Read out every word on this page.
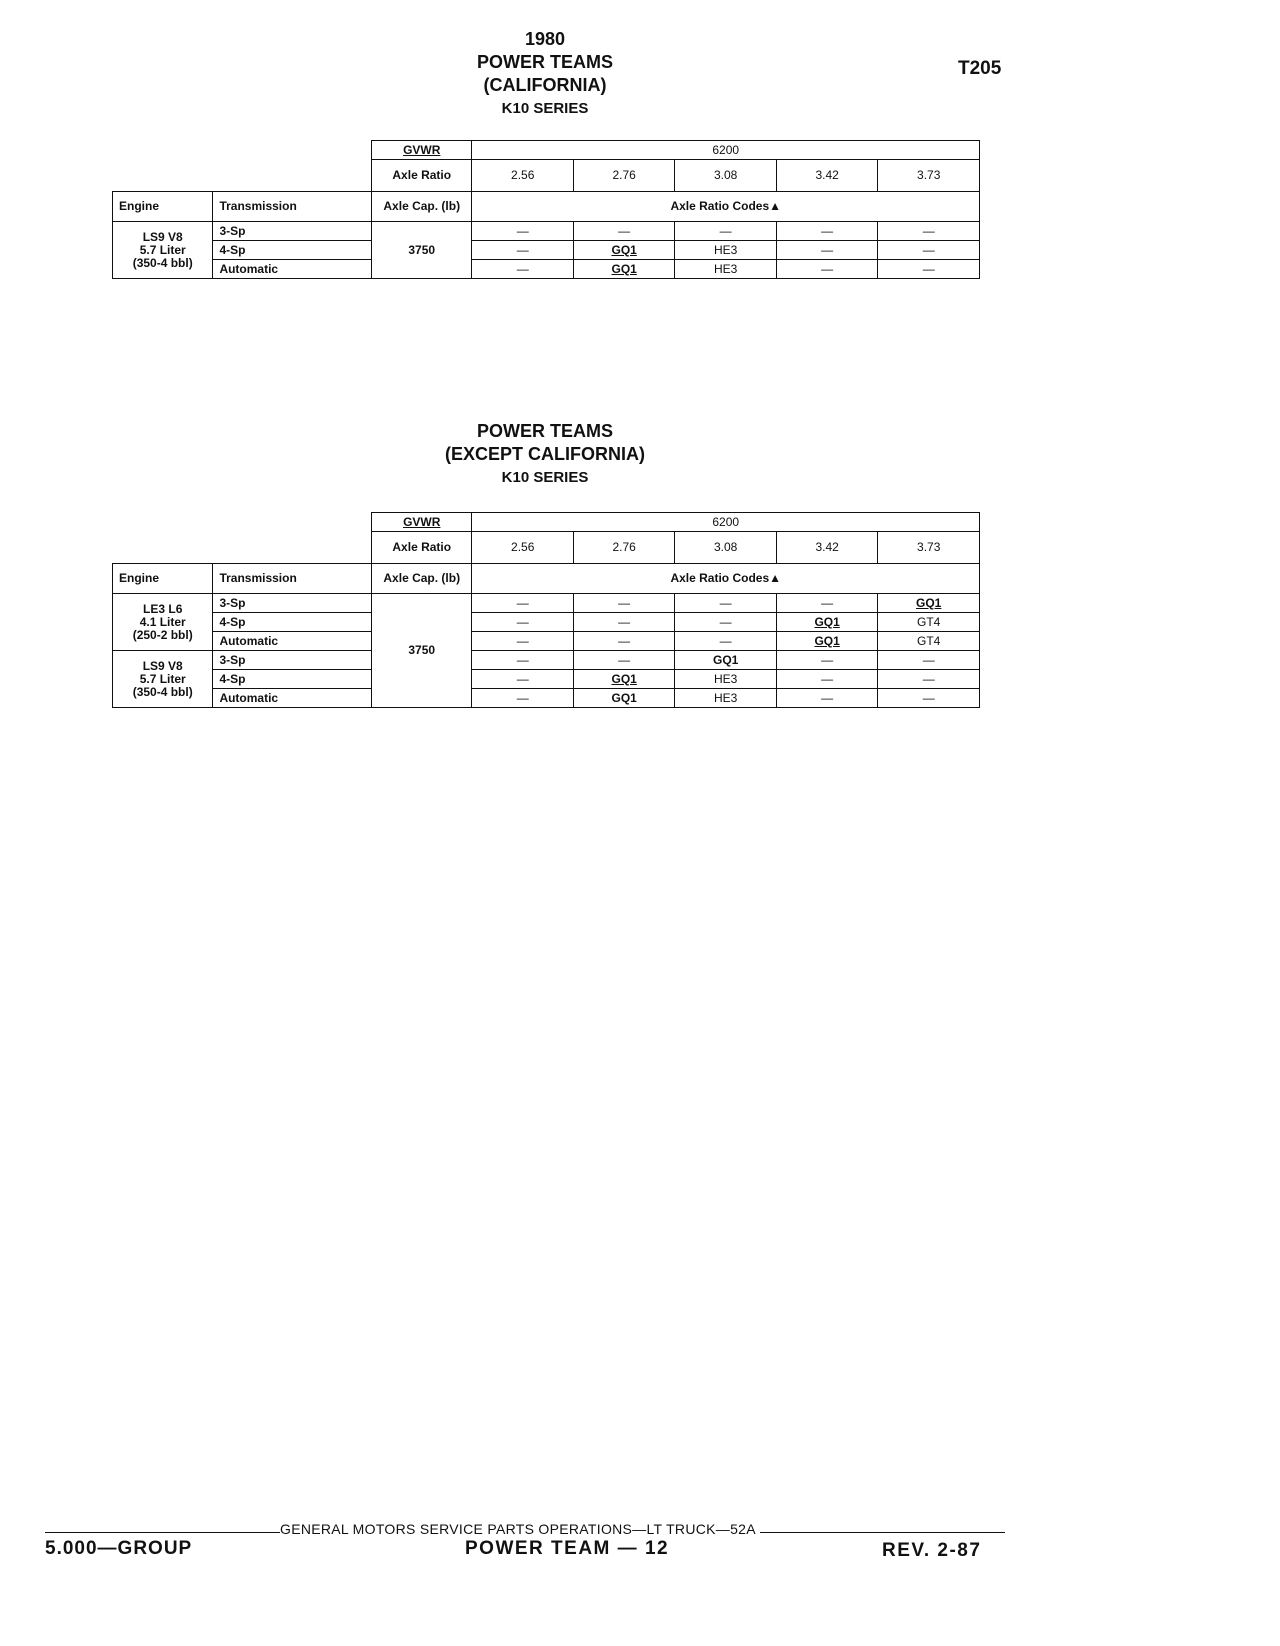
1980
POWER TEAMS
(CALIFORNIA)
K10 SERIES
T205
		GVWR	6200				
		Axle Ratio	2.56	2.76	3.08	3.42	3.73
Engine	Transmission	Axle Cap. (lb)	Axle Ratio Codes▲				

LS9 V8
5.7 Liter
(350-4 bbl)	3-Sp	3750	—	—	—	—	—
	4-Sp		—	GQ1	HE3	—	—
	Automatic		—	GQ1	HE3	—	—
POWER TEAMS
(EXCEPT CALIFORNIA)
K10 SERIES
		GVWR	6200				
		Axle Ratio	2.56	2.76	3.08	3.42	3.73
Engine	Transmission	Axle Cap. (lb)	Axle Ratio Codes▲				

LE3 L6
4.1 Liter
(250-2 bbl)	3-Sp	3750	—	—	—	—	GQ1
	4-Sp		—	—	—	GQ1	GT4
	Automatic		—	—	—	GQ1	GT4

LS9 V8
5.7 Liter
(350-4 bbl)	3-Sp		—	—	GQ1	—	—
	4-Sp		—	GQ1	HE3	—	—
	Automatic		—	GQ1	HE3	—	—
GENERAL MOTORS SERVICE PARTS OPERATIONS—LT TRUCK—52A
5.000—GROUP	POWER TEAM — 12	REV. 2-87
